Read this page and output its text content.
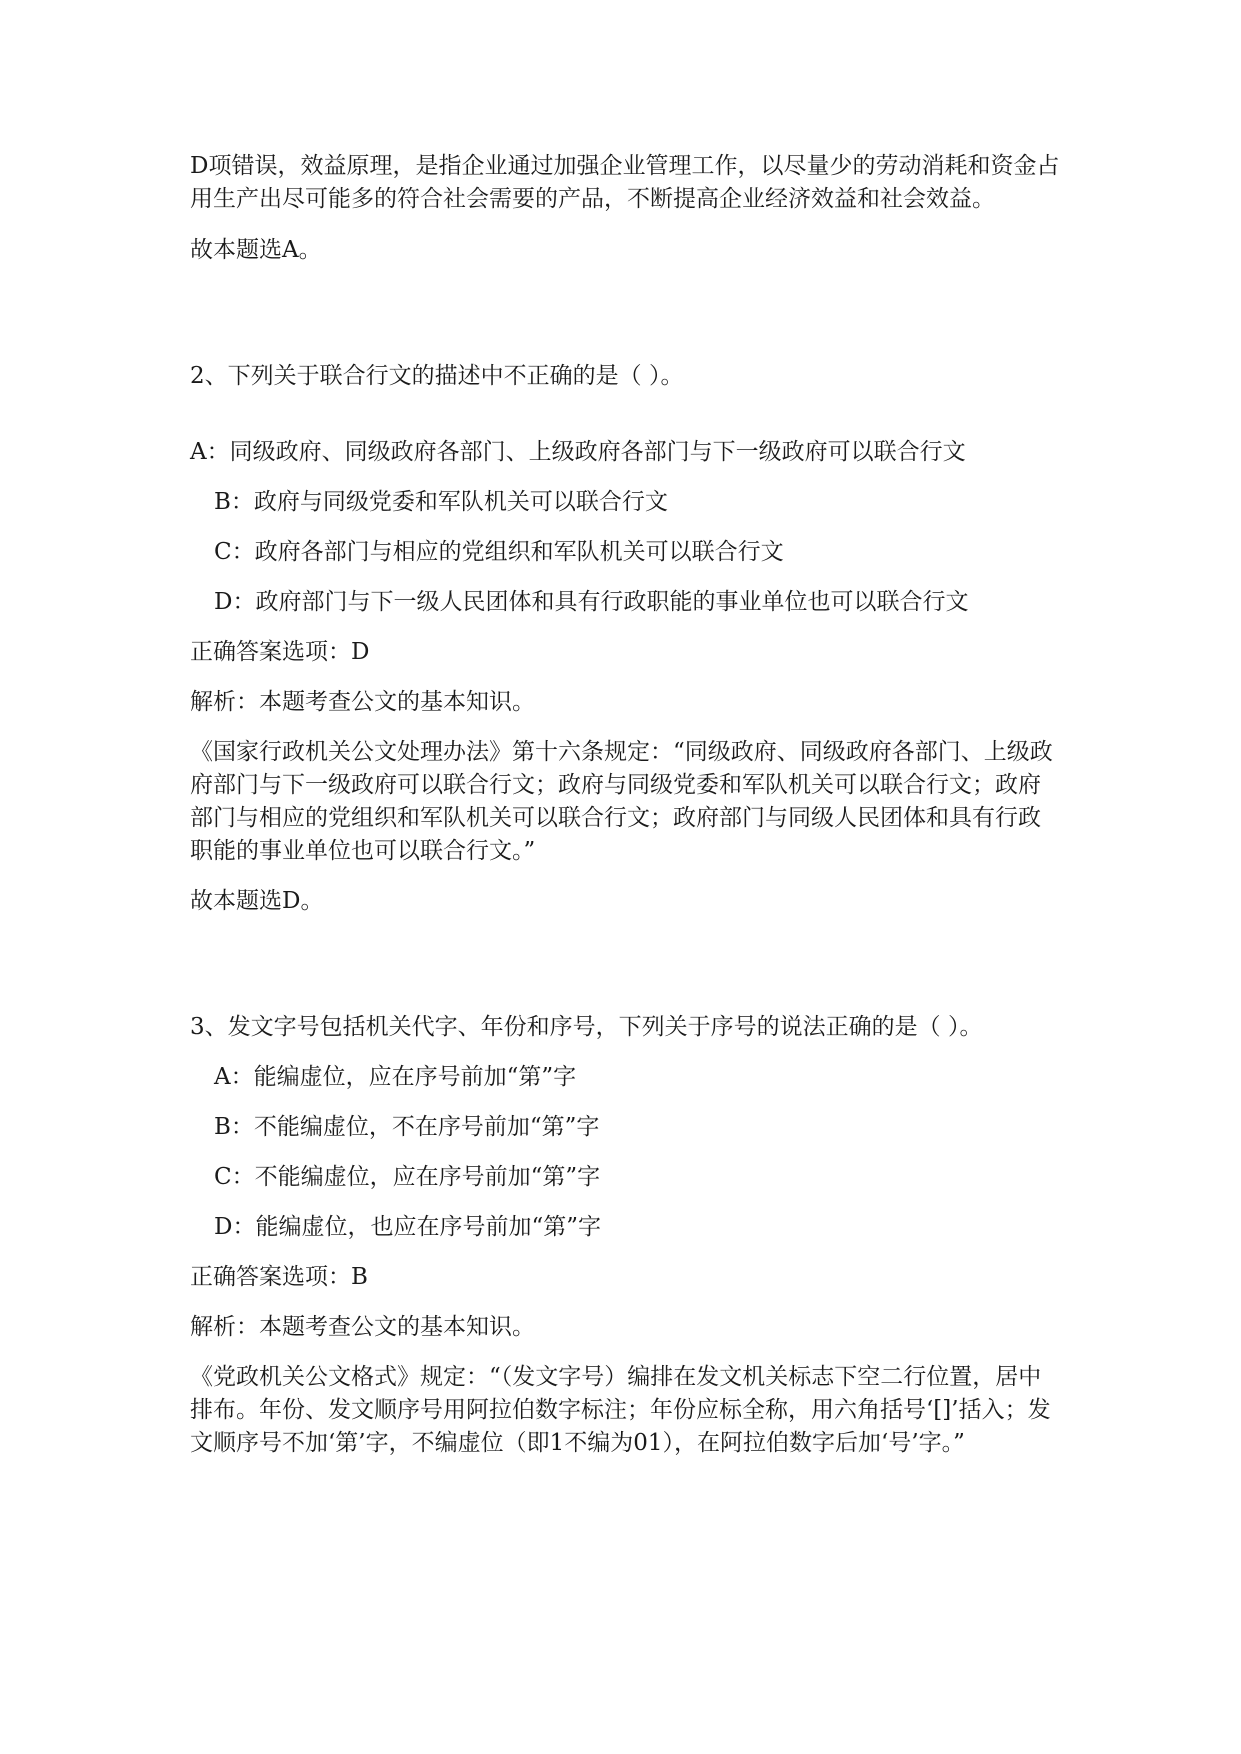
D项错误，效益原理，是指企业通过加强企业管理工作，以尽量少的劳动消耗和资金占用生产出尽可能多的符合社会需要的产品，不断提高企业经济效益和社会效益。

故本题选A。

2、下列关于联合行文的描述中不正确的是（ ）。

A：同级政府、同级政府各部门、上级政府各部门与下一级政府可以联合行文

B：政府与同级党委和军队机关可以联合行文

C：政府各部门与相应的党组织和军队机关可以联合行文

D：政府部门与下一级人民团体和具有行政职能的事业单位也可以联合行文

正确答案选项：D

解析：本题考查公文的基本知识。

《国家行政机关公文处理办法》第十六条规定：“同级政府、同级政府各部门、上级政府部门与下一级政府可以联合行文；政府与同级党委和军队机关可以联合行文；政府部门与相应的党组织和军队机关可以联合行文；政府部门与同级人民团体和具有行政职能的事业单位也可以联合行文。”

故本题选D。

3、发文字号包括机关代字、年份和序号，下列关于序号的说法正确的是（ ）。

A：能编虚位，应在序号前加“第”字

B：不能编虚位，不在序号前加“第”字

C：不能编虚位，应在序号前加“第”字

D：能编虚位，也应在序号前加“第”字

正确答案选项：B

解析：本题考查公文的基本知识。

《党政机关公文格式》规定：“（发文字号）编排在发文机关标志下空二行位置，居中排布。年份、发文顺序号用阿拉伯数字标注；年份应标全称，用六角括号‘[]’括入；发文顺序号不加‘第’字，不编虚位（即1不编为01），在阿拉伯数字后加‘号’字。”
